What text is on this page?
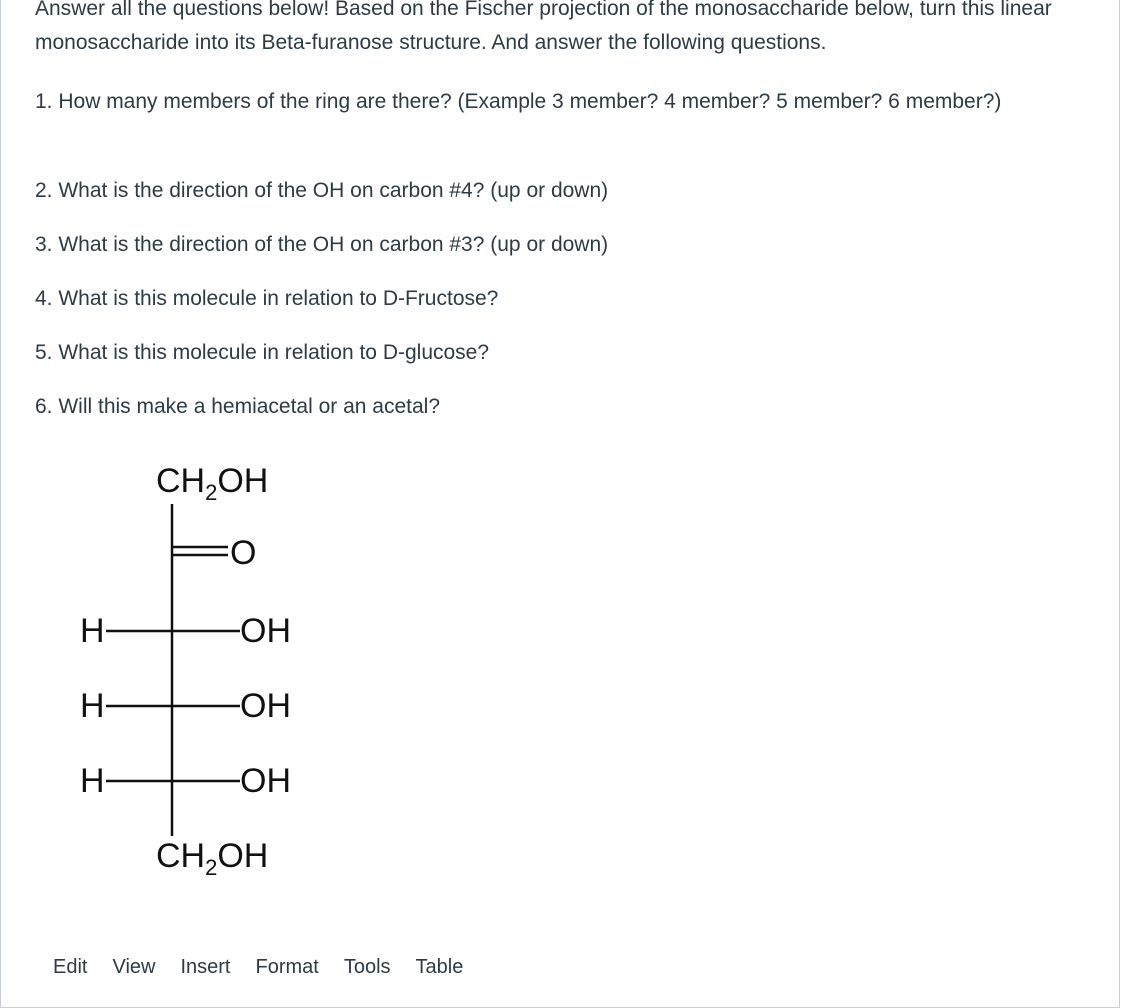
Answer all the questions below! Based on the Fischer projection of the monosaccharide below, turn this linear monosaccharide into its Beta-furanose structure. And answer the following questions.

1. How many members of the ring are there? (Example 3 member? 4 member? 5 member? 6 member?)

2. What is the direction of the OH on carbon #4? (up or down)

3. What is the direction of the OH on carbon #3? (up or down)

4. What is this molecule in relation to D-Fructose?

5. What is this molecule in relation to D-glucose?

6. Will this make a hemiacetal or an acetal?

$CH_2OH$
O
H	OH
H	OH
H	OH
$CH_2OH$
Edit View Insert Format Tools Table
